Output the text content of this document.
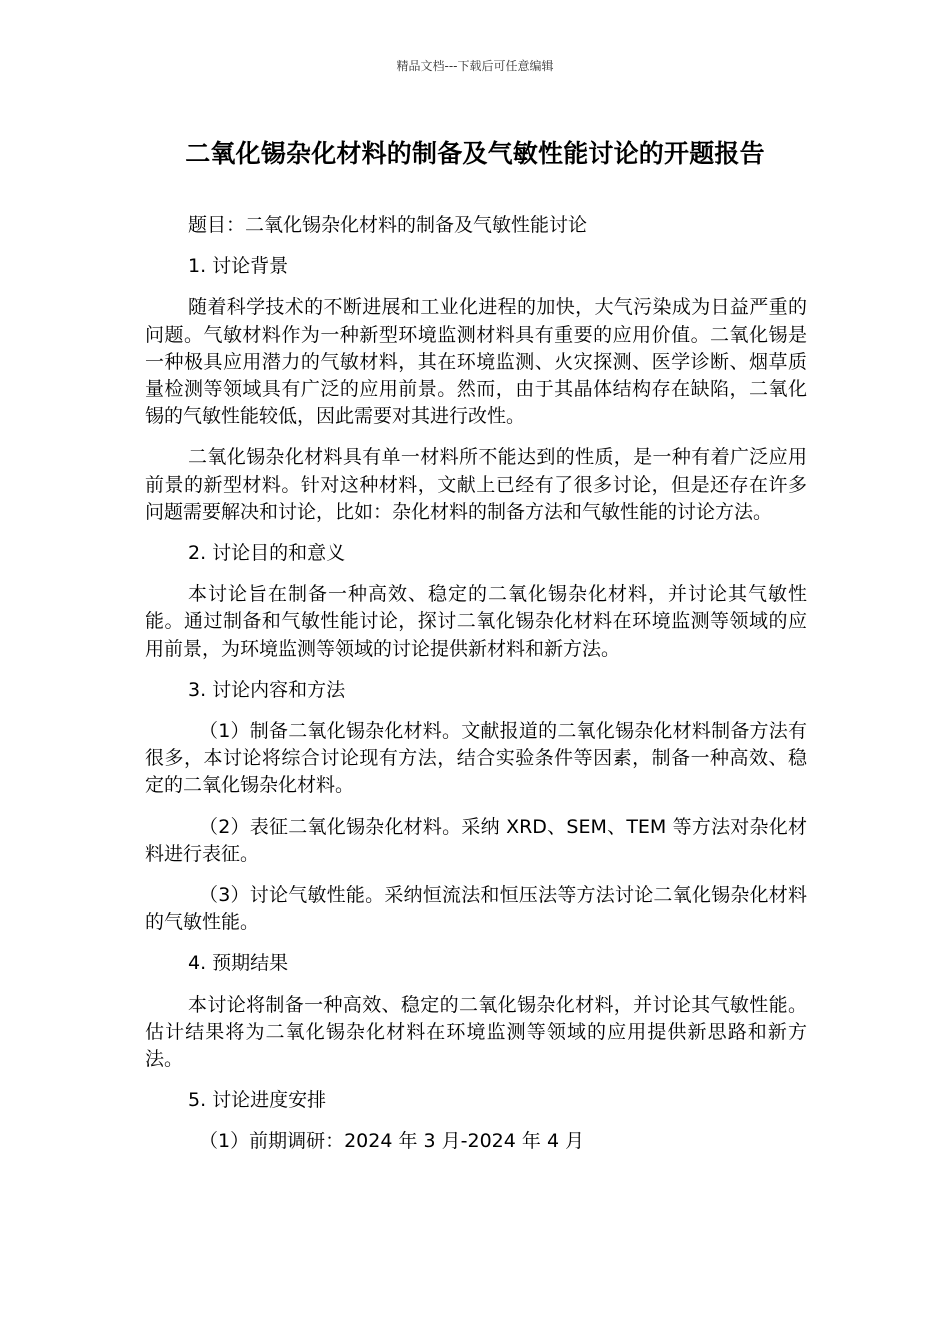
精品文档---下载后可任意编辑
二氧化锡杂化材料的制备及气敏性能讨论的开题报告

题目：二氧化锡杂化材料的制备及气敏性能讨论

1. 讨论背景

随着科学技术的不断进展和工业化进程的加快，大气污染成为日益严重的问题。气敏材料作为一种新型环境监测材料具有重要的应用价值。二氧化锡是一种极具应用潜力的气敏材料，其在环境监测、火灾探测、医学诊断、烟草质量检测等领域具有广泛的应用前景。然而，由于其晶体结构存在缺陷，二氧化锡的气敏性能较低，因此需要对其进行改性。

二氧化锡杂化材料具有单一材料所不能达到的性质，是一种有着广泛应用前景的新型材料。针对这种材料，文献上已经有了很多讨论，但是还存在许多问题需要解决和讨论，比如：杂化材料的制备方法和气敏性能的讨论方法。

2. 讨论目的和意义

本讨论旨在制备一种高效、稳定的二氧化锡杂化材料，并讨论其气敏性能。通过制备和气敏性能讨论，探讨二氧化锡杂化材料在环境监测等领域的应用前景，为环境监测等领域的讨论提供新材料和新方法。

3. 讨论内容和方法

（1）制备二氧化锡杂化材料。文献报道的二氧化锡杂化材料制备方法有很多，本讨论将综合讨论现有方法，结合实验条件等因素，制备一种高效、稳定的二氧化锡杂化材料。

（2）表征二氧化锡杂化材料。采纳 XRD、SEM、TEM 等方法对杂化材料进行表征。

（3）讨论气敏性能。采纳恒流法和恒压法等方法讨论二氧化锡杂化材料的气敏性能。

4. 预期结果

本讨论将制备一种高效、稳定的二氧化锡杂化材料，并讨论其气敏性能。估计结果将为二氧化锡杂化材料在环境监测等领域的应用提供新思路和新方法。

5. 讨论进度安排

（1）前期调研：2024 年 3 月-2024 年 4 月
